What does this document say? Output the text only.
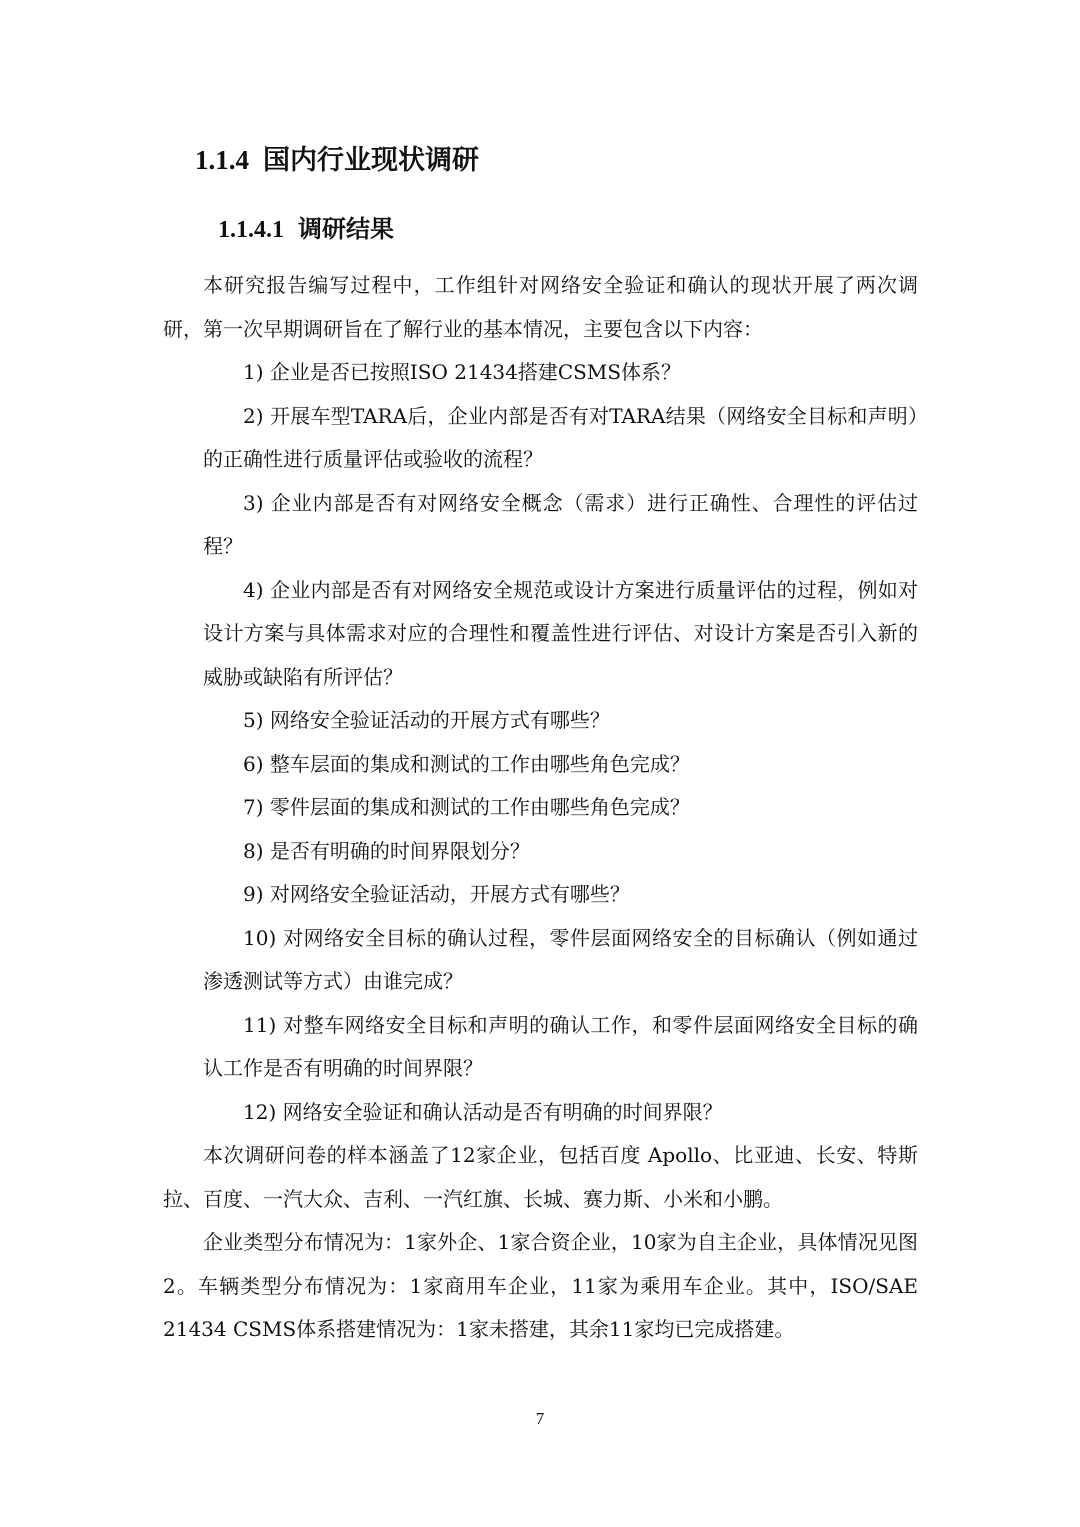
1.1.4 国内行业现状调研
1.1.4.1 调研结果

本研究报告编写过程中，工作组针对网络安全验证和确认的现状开展了两次调研，第一次早期调研旨在了解行业的基本情况，主要包含以下内容：

1) 企业是否已按照ISO 21434搭建CSMS体系？

2) 开展车型TARA后，企业内部是否有对TARA结果（网络安全目标和声明）的正确性进行质量评估或验收的流程？

3) 企业内部是否有对网络安全概念（需求）进行正确性、合理性的评估过程？

4) 企业内部是否有对网络安全规范或设计方案进行质量评估的过程，例如对设计方案与具体需求对应的合理性和覆盖性进行评估、对设计方案是否引入新的威胁或缺陷有所评估？

5) 网络安全验证活动的开展方式有哪些？

6) 整车层面的集成和测试的工作由哪些角色完成？

7) 零件层面的集成和测试的工作由哪些角色完成？

8) 是否有明确的时间界限划分？

9) 对网络安全验证活动，开展方式有哪些？

10) 对网络安全目标的确认过程，零件层面网络安全的目标确认（例如通过渗透测试等方式）由谁完成？

11) 对整车网络安全目标和声明的确认工作，和零件层面网络安全目标的确认工作是否有明确的时间界限？

12) 网络安全验证和确认活动是否有明确的时间界限？

本次调研问卷的样本涵盖了12家企业，包括百度 Apollo、比亚迪、长安、特斯拉、百度、一汽大众、吉利、一汽红旗、长城、赛力斯、小米和小鹏。

企业类型分布情况为：1家外企、1家合资企业，10家为自主企业，具体情况见图2。车辆类型分布情况为：1家商用车企业，11家为乘用车企业。其中，ISO/SAE 21434 CSMS体系搭建情况为：1家未搭建，其余11家均已完成搭建。

7
